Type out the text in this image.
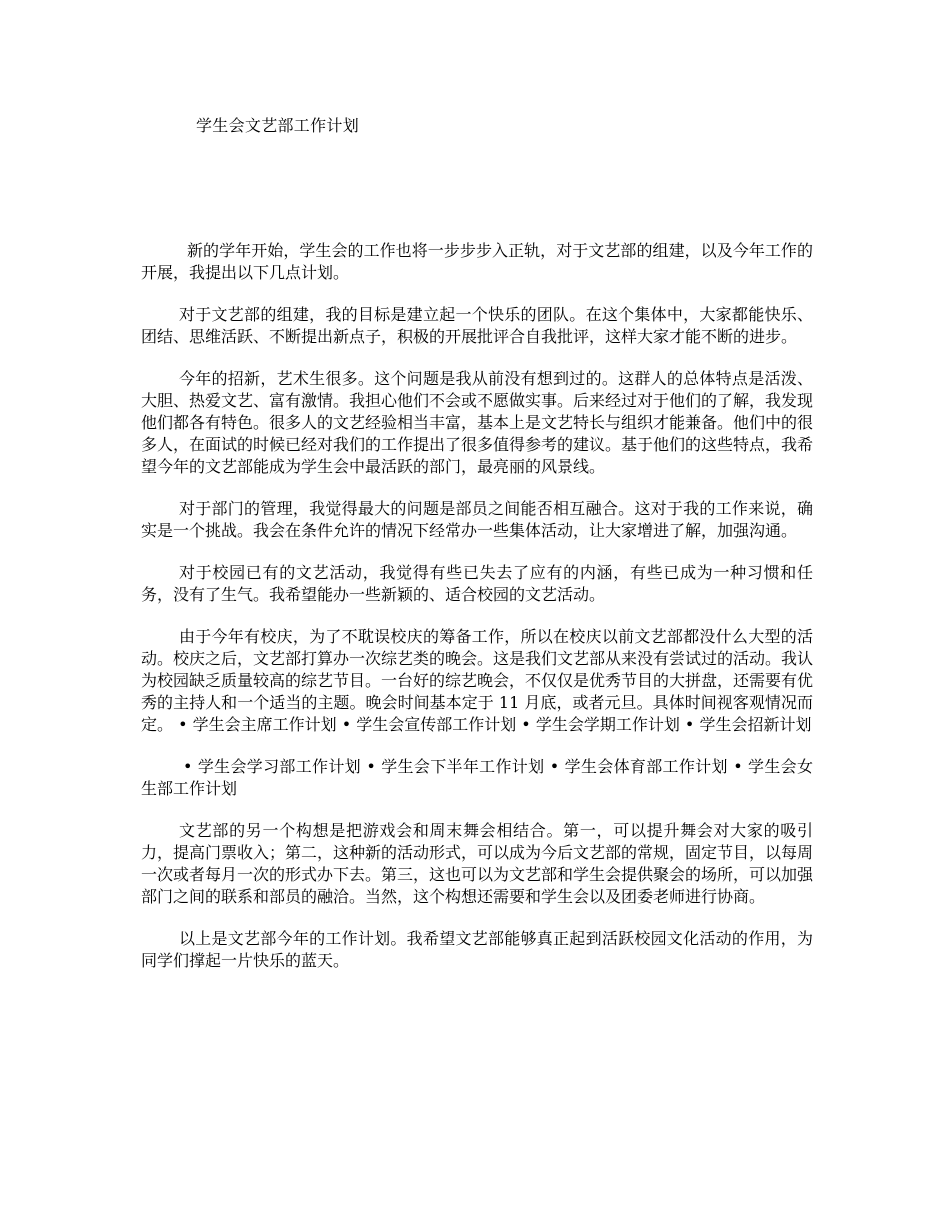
学生会文艺部工作计划

新的学年开始，学生会的工作也将一步步步入正轨，对于文艺部的组建，以及今年工作的开展，我提出以下几点计划。

对于文艺部的组建，我的目标是建立起一个快乐的团队。在这个集体中，大家都能快乐、团结、思维活跃、不断提出新点子，积极的开展批评合自我批评，这样大家才能不断的进步。

今年的招新，艺术生很多。这个问题是我从前没有想到过的。这群人的总体特点是活泼、大胆、热爱文艺、富有激情。我担心他们不会或不愿做实事。后来经过对于他们的了解，我发现他们都各有特色。很多人的文艺经验相当丰富，基本上是文艺特长与组织才能兼备。他们中的很多人，在面试的时候已经对我们的工作提出了很多值得参考的建议。基于他们的这些特点，我希望今年的文艺部能成为学生会中最活跃的部门，最亮丽的风景线。

对于部门的管理，我觉得最大的问题是部员之间能否相互融合。这对于我的工作来说，确实是一个挑战。我会在条件允许的情况下经常办一些集体活动，让大家增进了解，加强沟通。

对于校园已有的文艺活动，我觉得有些已失去了应有的内涵，有些已成为一种习惯和任务，没有了生气。我希望能办一些新颖的、适合校园的文艺活动。

由于今年有校庆，为了不耽误校庆的筹备工作，所以在校庆以前文艺部都没什么大型的活动。校庆之后，文艺部打算办一次综艺类的晚会。这是我们文艺部从来没有尝试过的活动。我认为校园缺乏质量较高的综艺节目。一台好的综艺晚会，不仅仅是优秀节目的大拼盘，还需要有优秀的主持人和一个适当的主题。晚会时间基本定于 11 月底，或者元旦。具体时间视客观情况而定。 • 学生会主席工作计划 • 学生会宣传部工作计划 • 学生会学期工作计划 • 学生会招新计划

• 学生会学习部工作计划 • 学生会下半年工作计划 • 学生会体育部工作计划 • 学生会女生部工作计划

文艺部的另一个构想是把游戏会和周末舞会相结合。第一，可以提升舞会对大家的吸引力，提高门票收入；第二，这种新的活动形式，可以成为今后文艺部的常规，固定节目，以每周一次或者每月一次的形式办下去。第三，这也可以为文艺部和学生会提供聚会的场所，可以加强部门之间的联系和部员的融洽。当然，这个构想还需要和学生会以及团委老师进行协商。

以上是文艺部今年的工作计划。我希望文艺部能够真正起到活跃校园文化活动的作用，为同学们撑起一片快乐的蓝天。
